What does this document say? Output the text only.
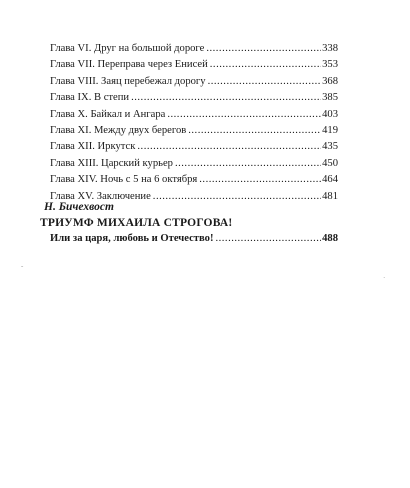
Глава VI. Друг на большой дороге .....	338
Глава VII. Переправа через Енисей .....	353
Глава VIII. Заяц перебежал дорогу .....	368
Глава IX. В степи .....	385
Глава X. Байкал и Ангара .....	403
Глава XI. Между двух берегов .....	419
Глава XII. Иркутск .....	435
Глава XIII. Царский курьер .....	450
Глава XIV. Ночь с 5 на 6 октября .....	464
Глава XV. Заключение .....	481
Н. Бичехвост
ТРИУМФ МИХАИЛА СТРОГОВА!
Или за царя, любовь и Отечество! .....	488
˘
·
